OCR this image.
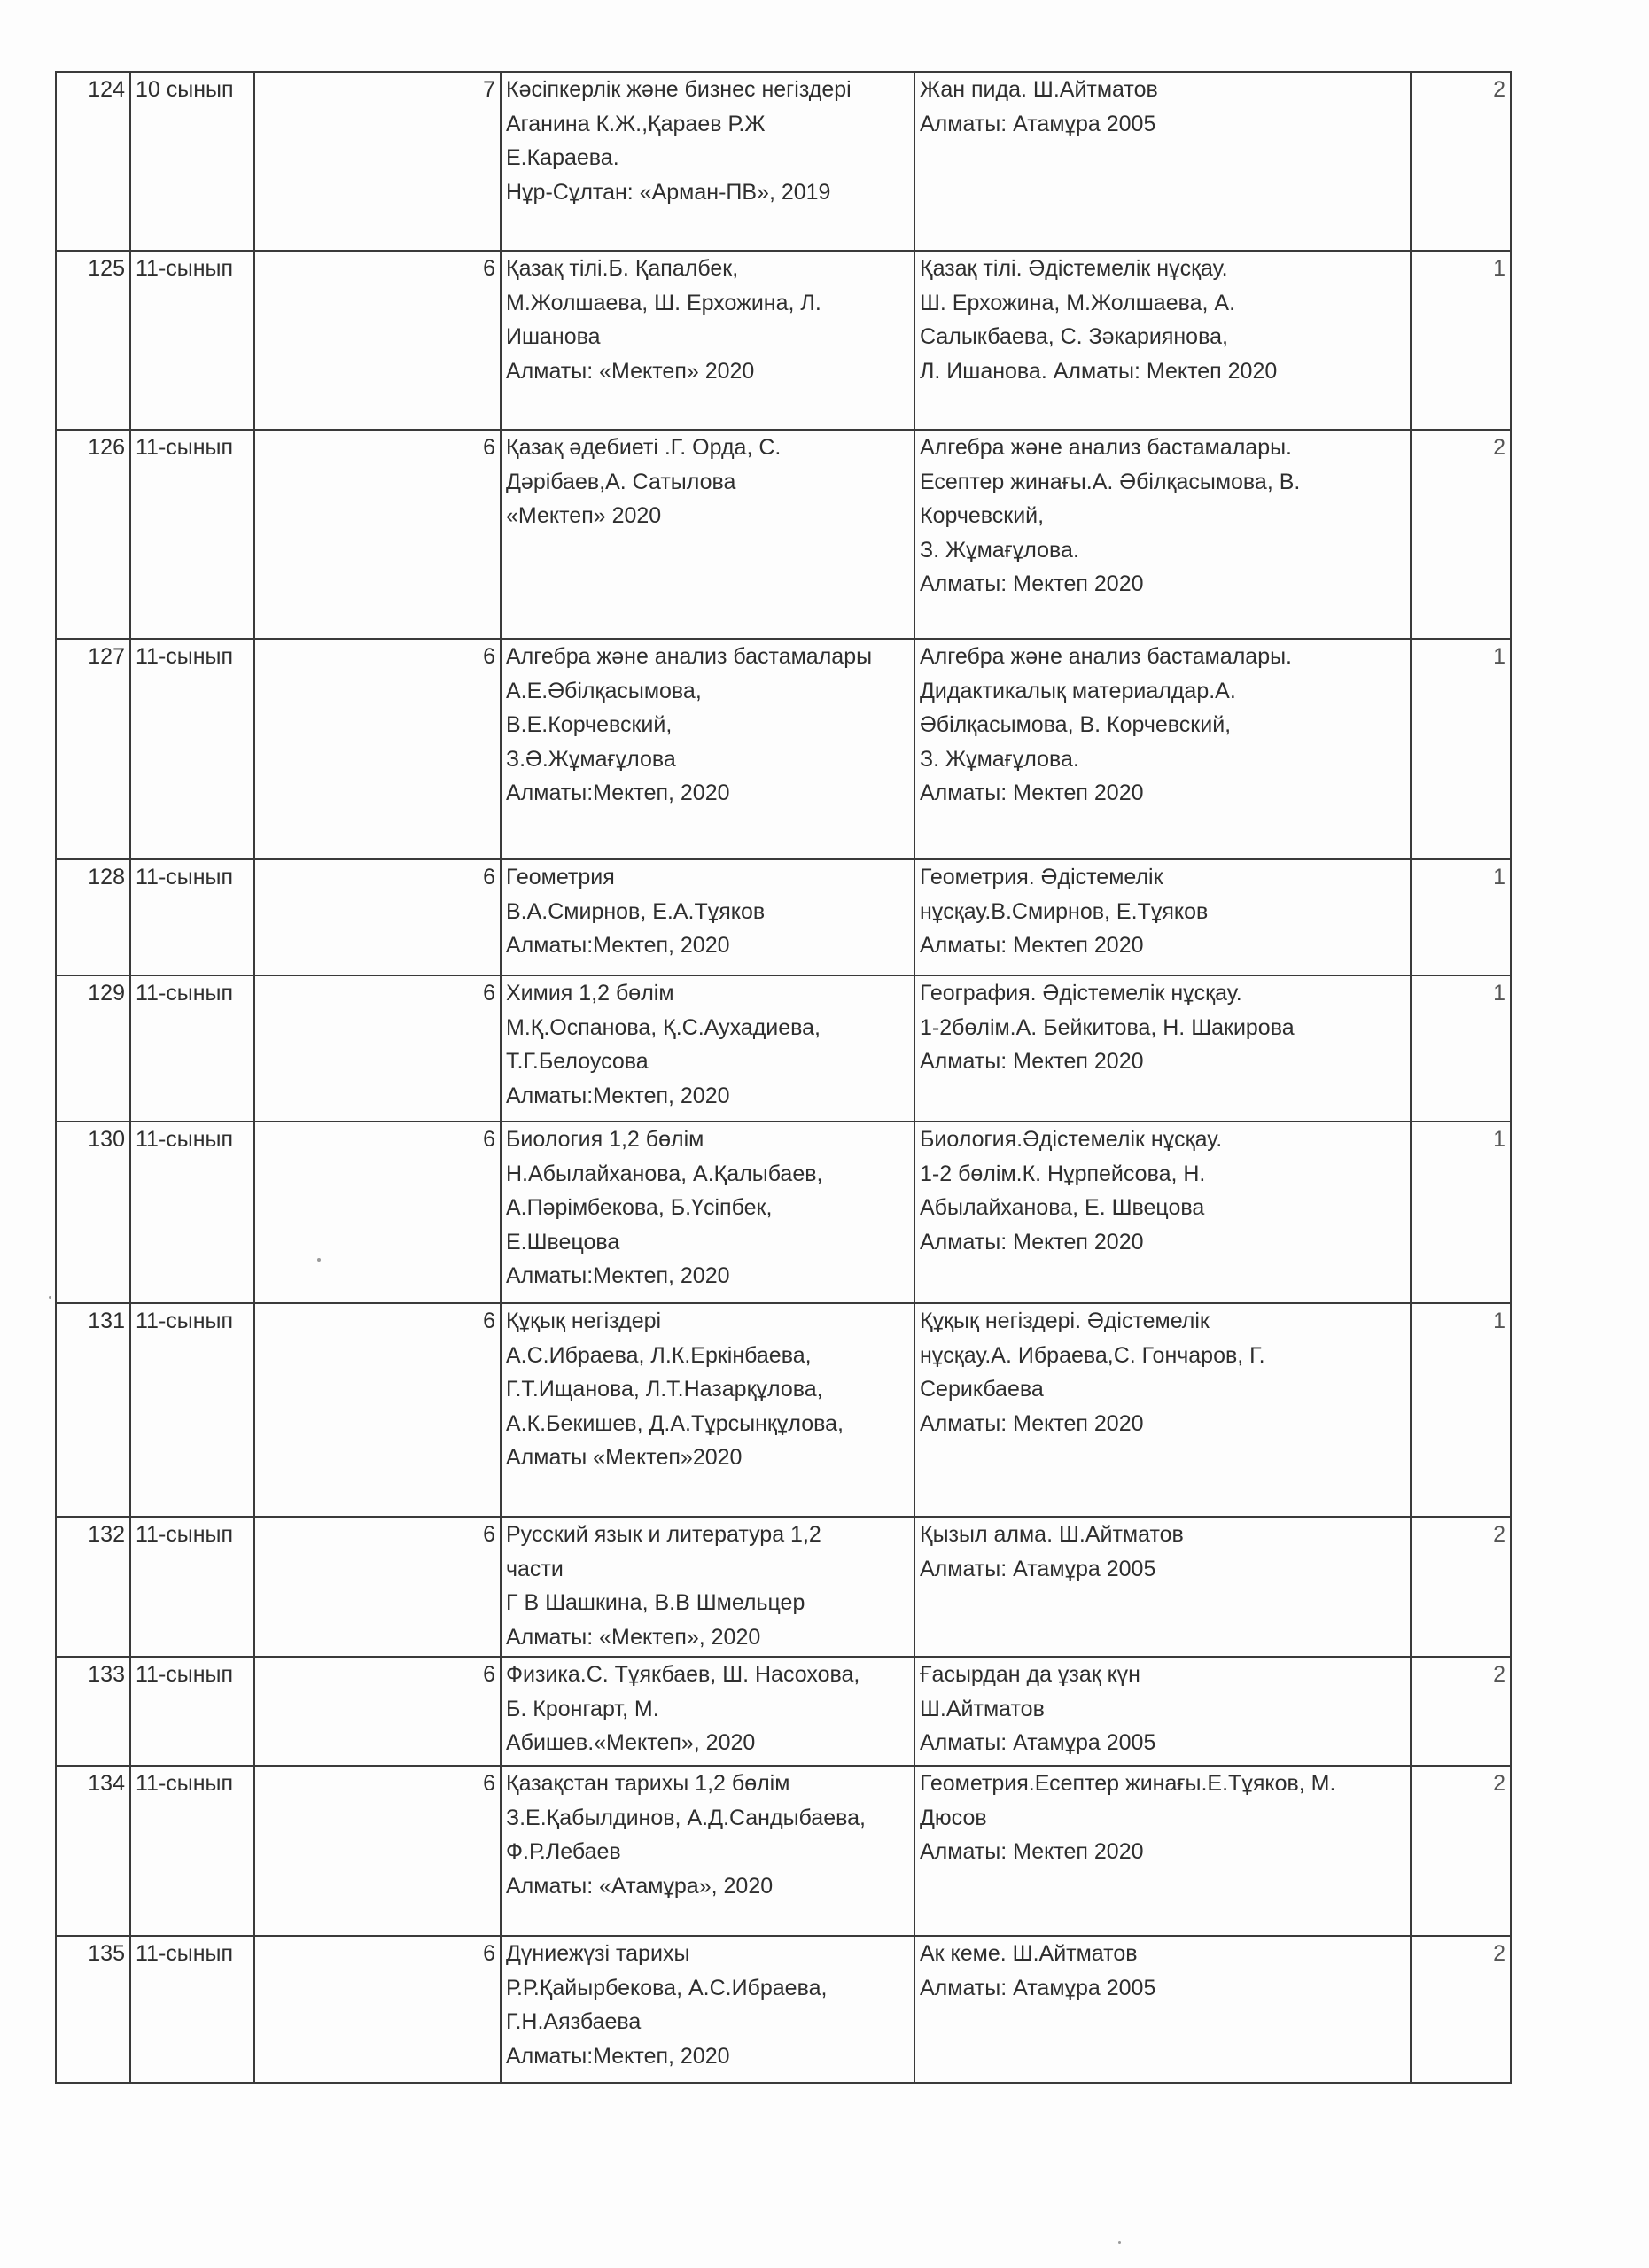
124	10 сынып	7	Кәсіпкерлік және бизнес негіздері
Аганина К.Ж.,Қараев Р.Ж
Е.Караева.
Нұр-Сұлтан: «Арман-ПВ», 2019	Жан пида. Ш.Айтматов
Алматы: Атамұра 2005	2
125	11-сынып	6	Қазақ тілі.Б. Қапалбек,
М.Жолшаева, Ш. Ерхожина, Л.
Ишанова
Алматы: «Мектеп» 2020	Қазақ тілі. Әдістемелік нұсқау.
Ш. Ерхожина, М.Жолшаева, А.
Салыкбаева, С. Зәкариянова,
Л. Ишанова. Алматы: Мектеп 2020	1
126	11-сынып	6	Қазақ әдебиеті .Г. Орда, С.
Дәрібаев,А. Сатылова
«Мектеп» 2020	Алгебра және анализ бастамалары.
Есептер жинағы.А. Әбілқасымова, В.
Корчевский,
З. Жұмағұлова.
Алматы: Мектеп 2020	2
127	11-сынып	6	Алгебра және анализ бастамалары
А.Е.Әбілқасымова,
В.Е.Корчевский,
З.Ә.Жұмағұлова
Алматы:Мектеп, 2020	Алгебра және анализ бастамалары.
Дидактикалық материалдар.А.
Әбілқасымова, В. Корчевский,
З. Жұмағұлова.
Алматы: Мектеп 2020	1
128	11-сынып	6	Геометрия
В.А.Смирнов, Е.А.Тұяков
Алматы:Мектеп, 2020	Геометрия. Әдістемелік
нұсқау.В.Смирнов, Е.Тұяков
Алматы: Мектеп 2020	1
129	11-сынып	6	Химия 1,2 бөлім
М.Қ.Оспанова, Қ.С.Аухадиева,
Т.Г.Белоусова
Алматы:Мектеп, 2020	География. Әдістемелік нұсқау.
1-2бөлім.А. Бейкитова, Н. Шакирова
Алматы: Мектеп 2020	1
130	11-сынып	6	Биология 1,2 бөлім
Н.Абылайханова, А.Қалыбаев,
А.Пәрімбекова, Б.Үсіпбек,
Е.Швецова
Алматы:Мектеп, 2020	Биология.Әдістемелік нұсқау.
1-2 бөлім.К. Нұрпейсова, Н.
Абылайханова, Е. Швецова
Алматы: Мектеп 2020	1
131	11-сынып	6	Құқық негіздері
А.С.Ибраева, Л.К.Еркінбаева,
Г.Т.Ищанова, Л.Т.Назарқұлова,
А.К.Бекишев, Д.А.Тұрсынқұлова,
Алматы «Мектеп»2020	Құқық негіздері. Әдістемелік
нұсқау.А. Ибраева,С. Гончаров, Г.
Серикбаева
Алматы: Мектеп 2020	1
132	11-сынып	6	Русский язык и литература 1,2
части
Г В Шашкина, В.В Шмельцер
Алматы: «Мектеп», 2020	Қызыл алма. Ш.Айтматов
Алматы: Атамұра 2005	2
133	11-сынып	6	Физика.С. Тұякбаев, Ш. Насохова,
Б. Кронгарт, М.
Абишев.«Мектеп», 2020	Ғасырдан да ұзақ күн
Ш.Айтматов
Алматы: Атамұра 2005	2
134	11-сынып	6	Қазақстан тарихы 1,2 бөлім
З.Е.Қабылдинов, А.Д.Сандыбаева,
Ф.Р.Лебаев
Алматы: «Атамұра», 2020	Геометрия.Есептер жинағы.Е.Тұяков, М.
Дюсов
Алматы: Мектеп 2020	2
135	11-сынып	6	Дүниежүзі тарихы
Р.Р.Қайырбекова, А.С.Ибраева,
Г.Н.Аязбаева
Алматы:Мектеп, 2020	Ак кеме. Ш.Айтматов
Алматы: Атамұра 2005	2
